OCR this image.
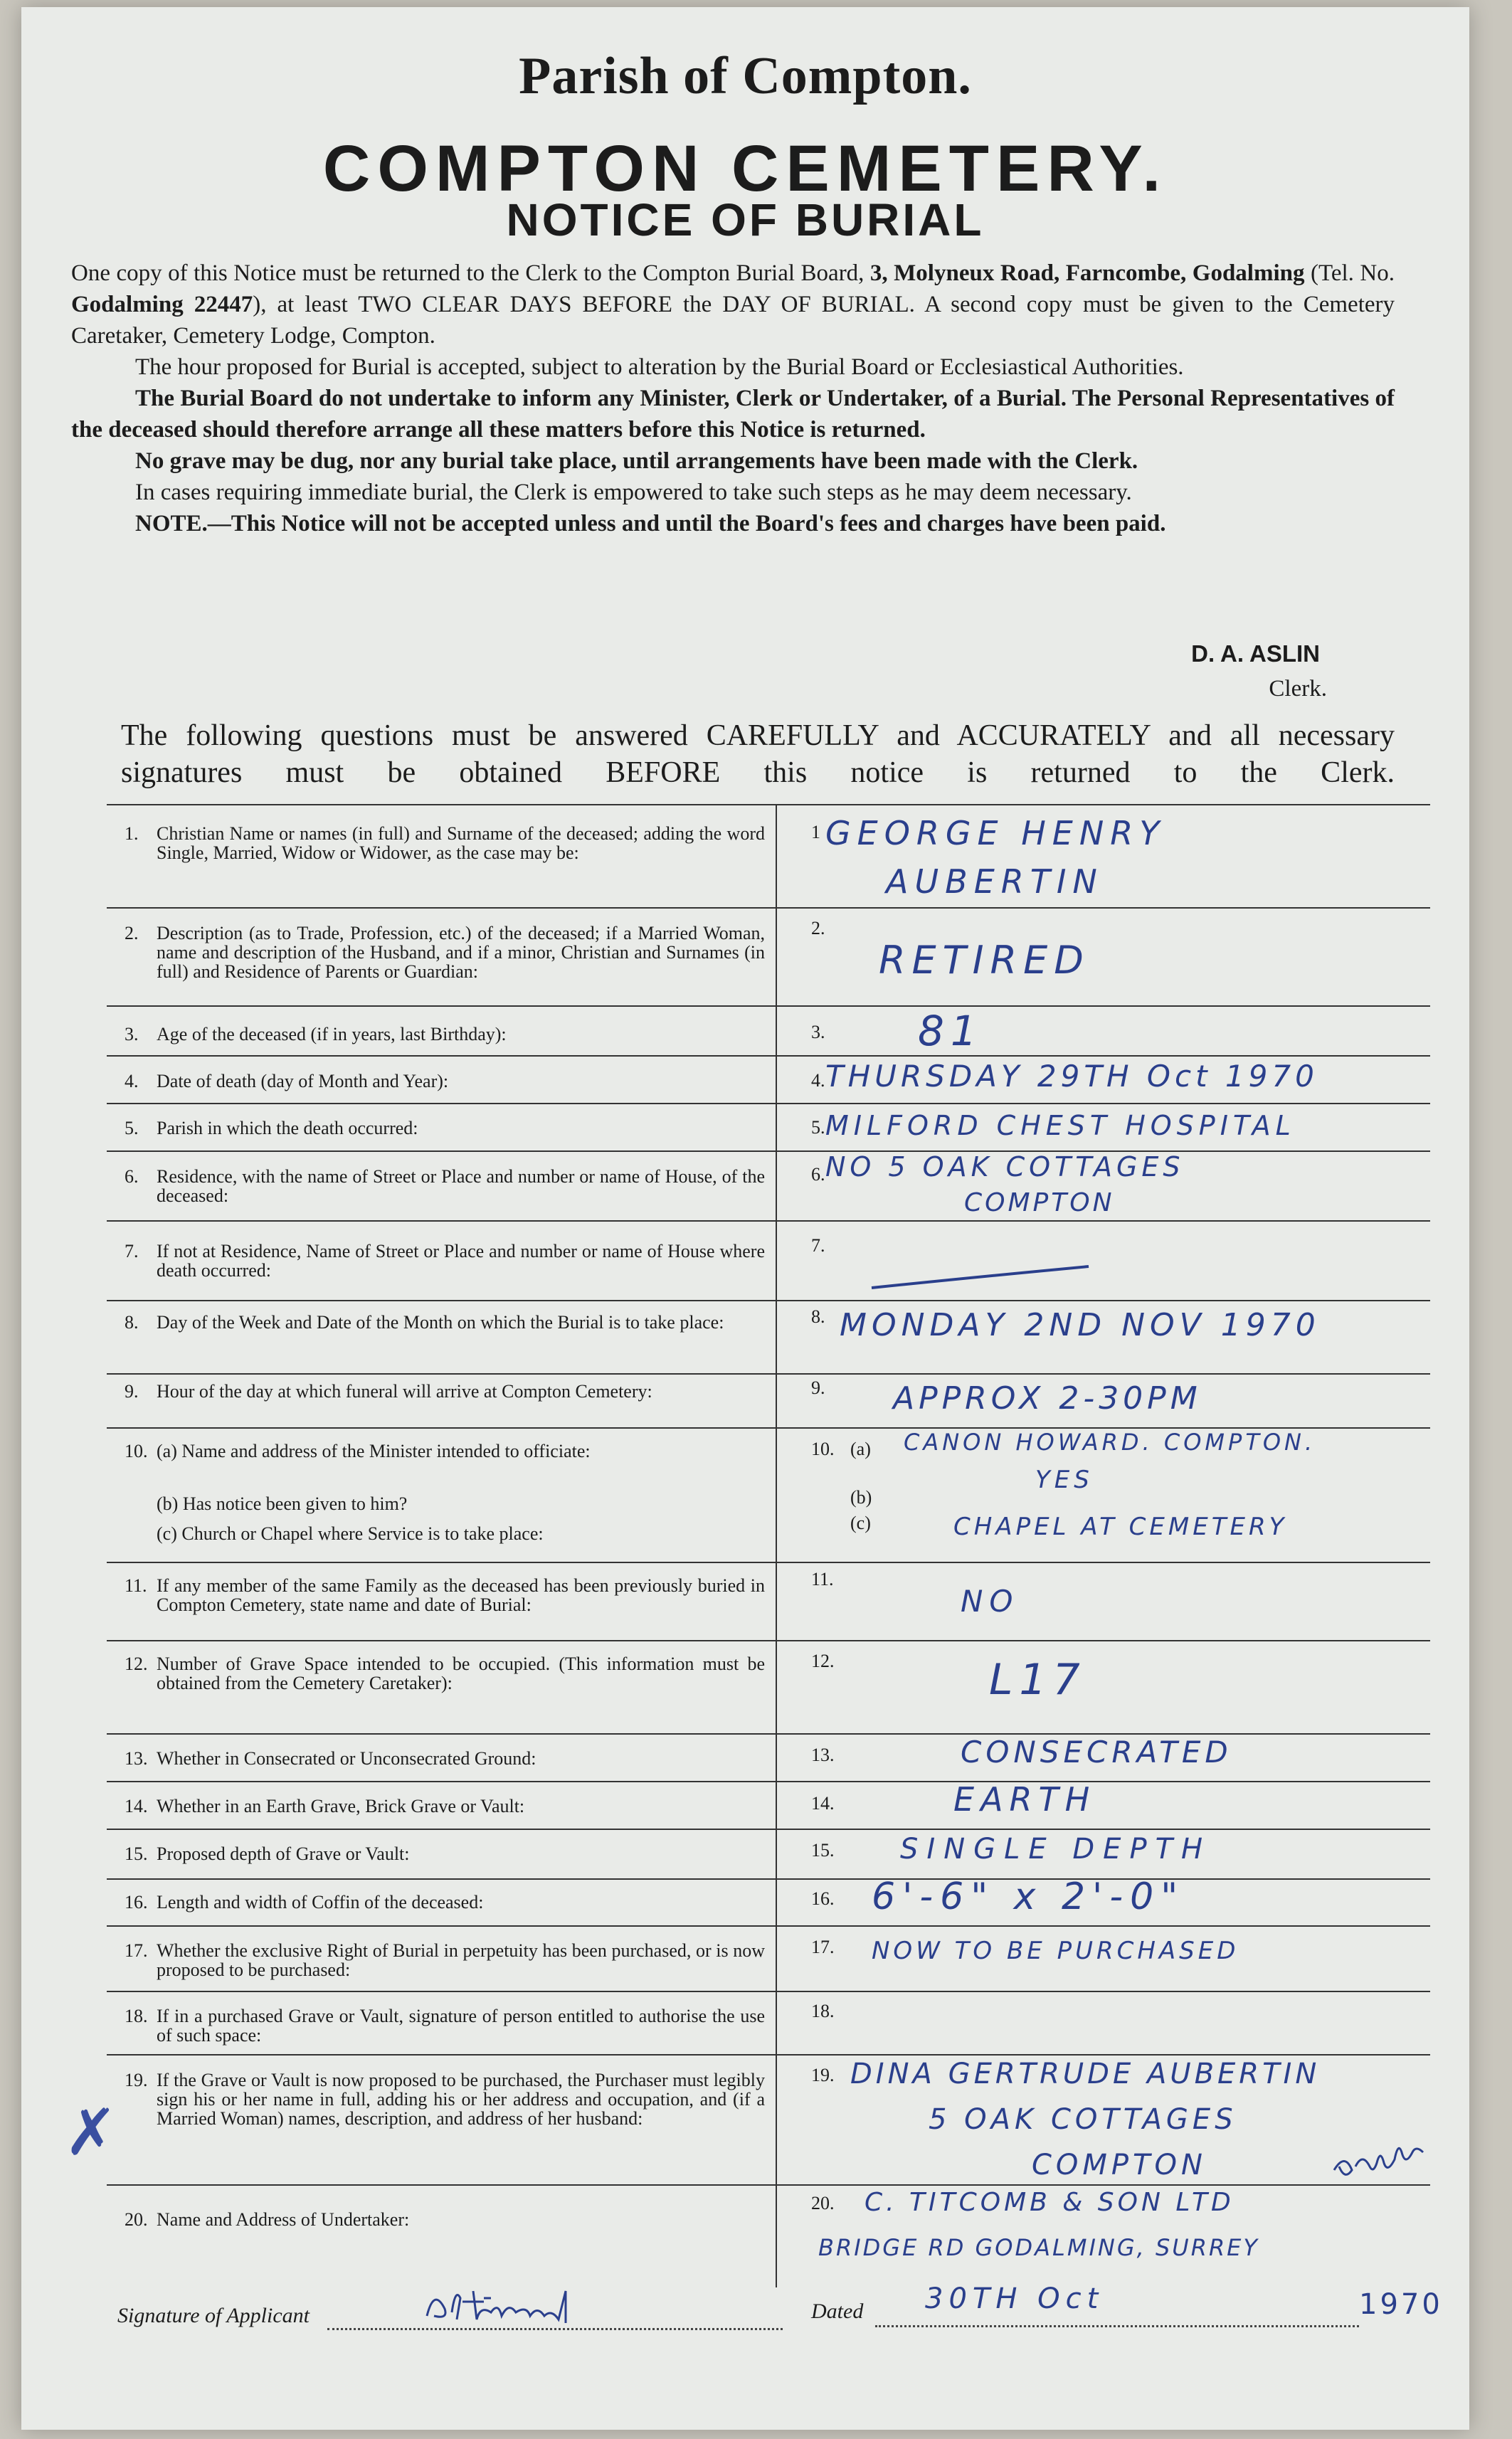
Parish of Compton.
COMPTON CEMETERY.
NOTICE OF BURIAL

One copy of this Notice must be returned to the Clerk to the Compton Burial Board, 3, Molyneux Road, Farncombe, Godalming (Tel. No. Godalming 22447), at least TWO CLEAR DAYS BEFORE the DAY OF BURIAL. A second copy must be given to the Cemetery Caretaker, Cemetery Lodge, Compton.

The hour proposed for Burial is accepted, subject to alteration by the Burial Board or Ecclesiastical Authorities.

The Burial Board do not undertake to inform any Minister, Clerk or Undertaker, of a Burial. The Personal Representatives of the deceased should therefore arrange all these matters before this Notice is returned.

No grave may be dug, nor any burial take place, until arrangements have been made with the Clerk.

In cases requiring immediate burial, the Clerk is empowered to take such steps as he may deem necessary.

NOTE.—This Notice will not be accepted unless and until the Board's fees and charges have been paid.

D. A. ASLIN
Clerk.
The following questions must be answered CAREFULLY and ACCURATELY and all necessary signatures must be obtained BEFORE this notice is returned to the Clerk.
1. Christian Name or names (in full) and Surname of the deceased; adding the word Single, Married, Widow or Widower, as the case may be:
2. Description (as to Trade, Profession, etc.) of the deceased; if a Married Woman, name and description of the Husband, and if a minor, Christian and Surnames (in full) and Residence of Parents or Guardian:
3. Age of the deceased (if in years, last Birthday):
4. Date of death (day of Month and Year):
5. Parish in which the death occurred:
6. Residence, with the name of Street or Place and number or name of House, of the deceased:
7. If not at Residence, Name of Street or Place and number or name of House where death occurred:
8. Day of the Week and Date of the Month on which the Burial is to take place:
9. Hour of the day at which funeral will arrive at Compton Cemetery:
10. (a) Name and address of the Minister intended to officiate:
(b) Has notice been given to him?
(c) Church or Chapel where Service is to take place:
11. If any member of the same Family as the deceased has been previously buried in Compton Cemetery, state name and date of Burial:
12. Number of Grave Space intended to be occupied. (This information must be obtained from the Cemetery Caretaker):
13. Whether in Consecrated or Unconsecrated Ground:
14. Whether in an Earth Grave, Brick Grave or Vault:
15. Proposed depth of Grave or Vault:
16. Length and width of Coffin of the deceased:
17. Whether the exclusive Right of Burial in perpetuity has been purchased, or is now proposed to be purchased:
18. If in a purchased Grave or Vault, signature of person entitled to authorise the use of such space:
19. If the Grave or Vault is now proposed to be purchased, the Purchaser must legibly sign his or her name in full, adding his or her address and occupation, and (if a Married Woman) names, description, and address of her husband:
20. Name and Address of Undertaker:
1
2.
3.
4.
5.
6.
7.
8.
9.
10. (a)
(b)
(c)
11.
12.
13.
14.
15.
16.
17.
18.
19.
20.
GEORGE HENRY
AUBERTIN
RETIRED
81
THURSDAY 29TH Oct 1970
MILFORD CHEST HOSPITAL
NO 5 OAK COTTAGES
COMPTON
MONDAY 2ND NOV 1970
APPROX 2-30PM
CANON HOWARD. COMPTON.
YES
CHAPEL AT CEMETERY
NO
L17
CONSECRATED
EARTH
SINGLE DEPTH
6'-6" x 2'-0"
NOW TO BE PURCHASED
DINA GERTRUDE AUBERTIN
5 OAK COTTAGES
COMPTON
C. TITCOMB & SON LTD
BRIDGE RD GODALMING, SURREY
✗
Signature of Applicant	Dated 30TH Oct	1970
